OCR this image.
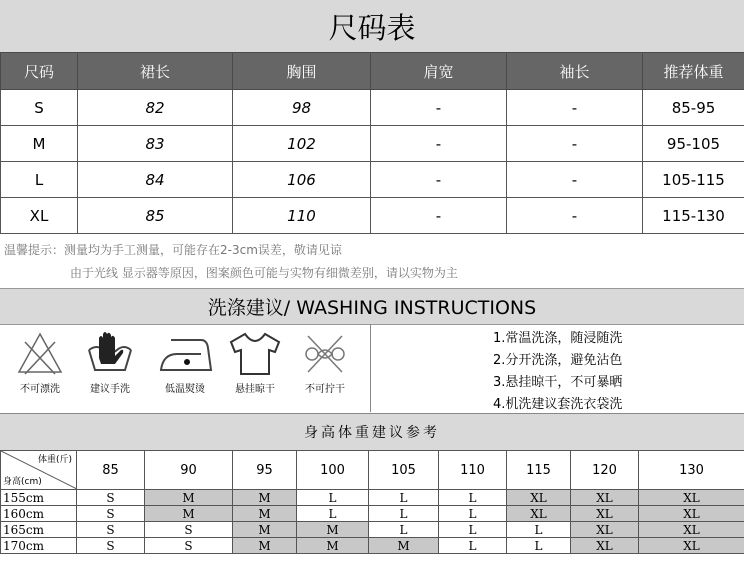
尺码表
尺码	裙长	胸围	肩宽	袖长	推荐体重
S	82	98	-	-	85-95
M	83	102	-	-	95-105
L	84	106	-	-	105-115
XL	85	110	-	-	115-130
温馨提示：测量均为手工测量，可能存在2-3cm误差，敬请见谅
由于光线 显示器等原因，图案颜色可能与实物有细微差别，请以实物为主
洗涤建议/ WASHING INSTRUCTIONS
不可漂洗	建议手洗	低温熨烫	悬挂晾干	不可拧干
1.常温洗涤，随浸随洗
2.分开洗涤，避免沾色
3.悬挂晾干，不可暴晒
4.机洗建议套洗衣袋洗
身高体重建议参考
体重(斤)
身高(cm)	85	90	95	100	105	110	115	120	130
155cm	S	M	M	L	L	L	XL	XL	XL
160cm	S	M	M	L	L	L	XL	XL	XL
165cm	S	S	M	M	L	L	L	XL	XL
170cm	S	S	M	M	M	L	L	XL	XL
